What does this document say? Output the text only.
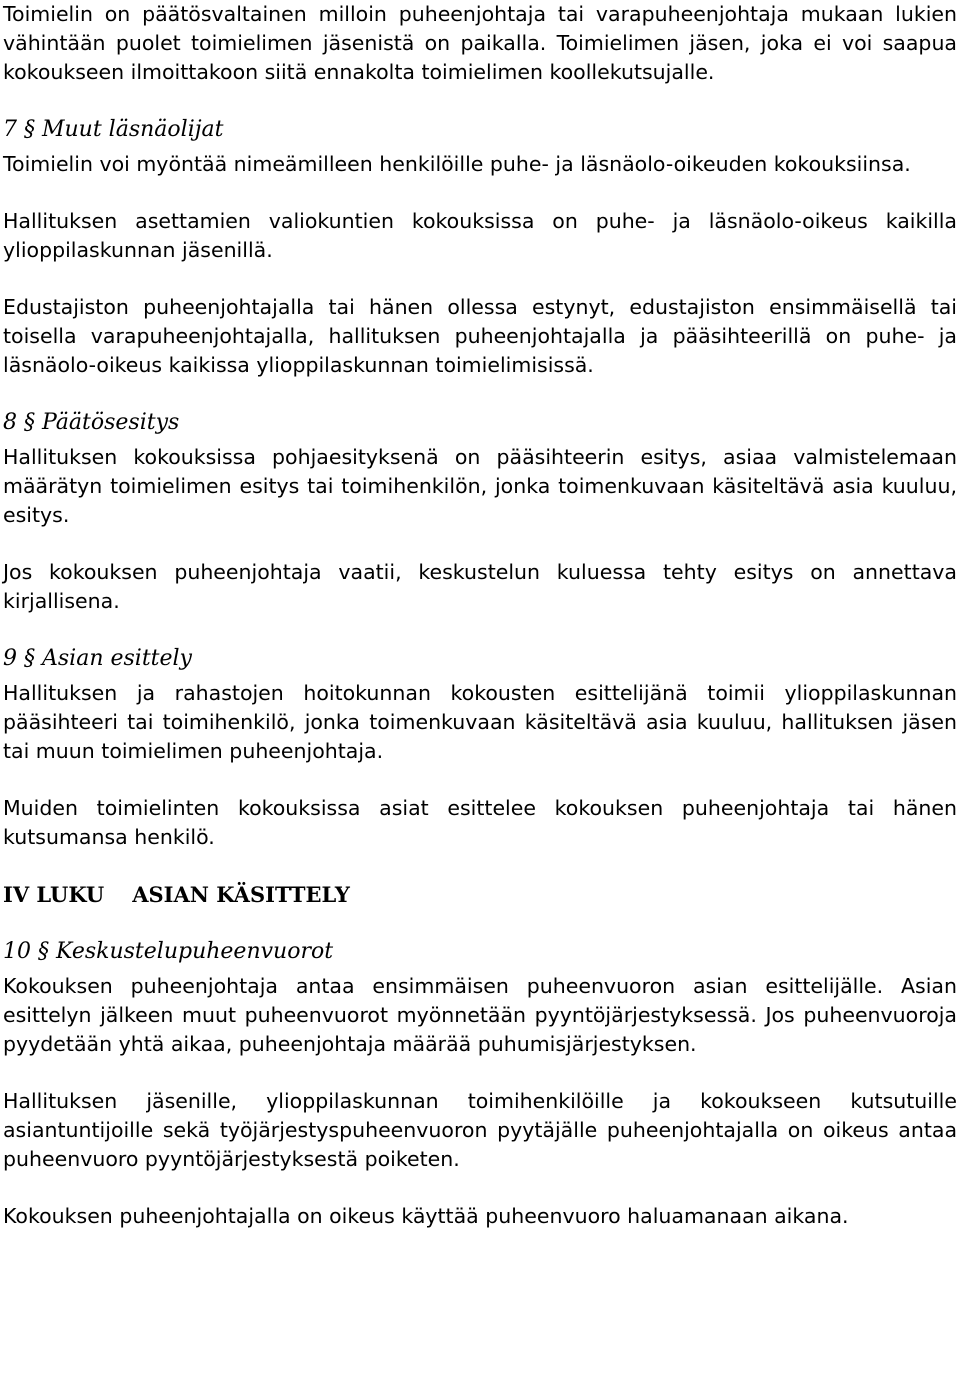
Toimielin on päätösvaltainen milloin puheenjohtaja tai varapuheenjohtaja mukaan lukien vähintään puolet toimielimen jäsenistä on paikalla. Toimielimen jäsen, joka ei voi saapua kokoukseen ilmoittakoon siitä ennakolta toimielimen koollekutsujalle.

7 § Muut läsnäolijat

Toimielin voi myöntää nimeämilleen henkilöille puhe- ja läsnäolo-oikeuden kokouksiinsa.

Hallituksen asettamien valiokuntien kokouksissa on puhe- ja läsnäolo-oikeus kaikilla ylioppilaskunnan jäsenillä.

Edustajiston puheenjohtajalla tai hänen ollessa estynyt, edustajiston ensimmäisellä tai toisella varapuheenjohtajalla, hallituksen puheenjohtajalla ja pääsihteerillä on puhe- ja läsnäolo-oikeus kaikissa ylioppilaskunnan toimielimisissä.

8 § Päätösesitys

Hallituksen kokouksissa pohjaesityksenä on pääsihteerin esitys, asiaa valmistelemaan määrätyn toimielimen esitys tai toimihenkilön, jonka toimenkuvaan käsiteltävä asia kuuluu, esitys.

Jos kokouksen puheenjohtaja vaatii, keskustelun kuluessa tehty esitys on annettava kirjallisena.

9 § Asian esittely

Hallituksen ja rahastojen hoitokunnan kokousten esittelijänä toimii ylioppilaskunnan pääsihteeri tai toimihenkilö, jonka toimenkuvaan käsiteltävä asia kuuluu, hallituksen jäsen tai muun toimielimen puheenjohtaja.

Muiden toimielinten kokouksissa asiat esittelee kokouksen puheenjohtaja tai hänen kutsumansa henkilö.

IV LUKU ASIAN KÄSITTELY
10 § Keskustelupuheenvuorot

Kokouksen puheenjohtaja antaa ensimmäisen puheenvuoron asian esittelijälle. Asian esittelyn jälkeen muut puheenvuorot myönnetään pyyntöjärjestyksessä. Jos puheenvuoroja pyydetään yhtä aikaa, puheenjohtaja määrää puhumisjärjestyksen.

Hallituksen jäsenille, ylioppilaskunnan toimihenkilöille ja kokoukseen kutsutuille asiantuntijoille sekä työjärjestyspuheenvuoron pyytäjälle puheenjohtajalla on oikeus antaa puheenvuoro pyyntöjärjestyksestä poiketen.

Kokouksen puheenjohtajalla on oikeus käyttää puheenvuoro haluamanaan aikana.
